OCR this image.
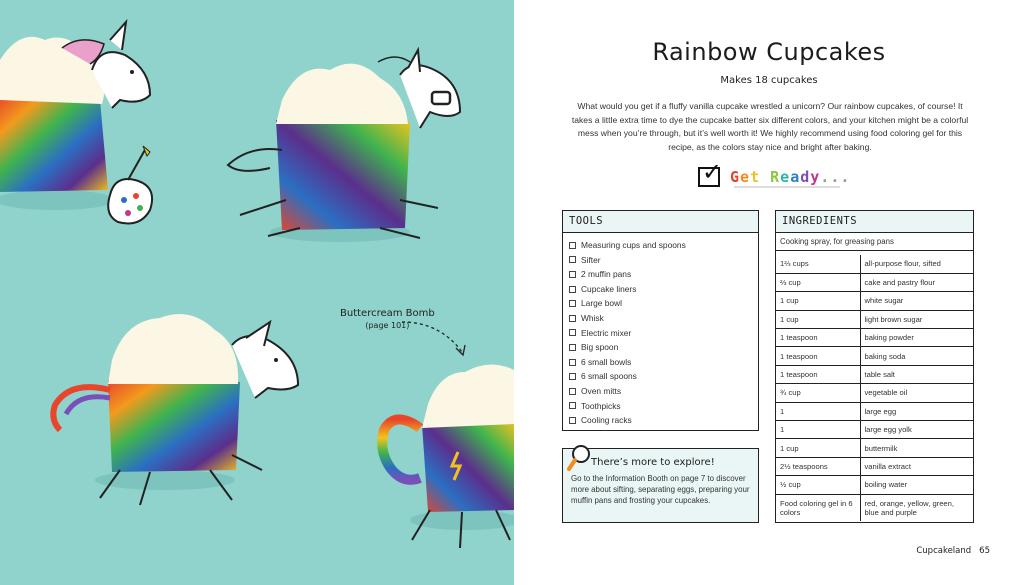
Buttercream Bomb
(page 101)
Rainbow Cupcakes
Makes 18 cupcakes
What would you get if a fluffy vanilla cupcake wrestled a unicorn? Our rainbow cupcakes, of course! It takes a little extra time to dye the cupcake batter six different colors, and your kitchen might be a colorful mess when you’re through, but it’s well worth it! We highly recommend using food coloring gel for this recipe, as the colors stay nice and bright after baking.
✓ Get Ready...
TOOLS
Measuring cups and spoons
Sifter
2 muffin pans
Cupcake liners
Large bowl
Whisk
Electric mixer
Big spoon
6 small bowls
6 small spoons
Oven mitts
Toothpicks
Cooling racks
There’s more to explore!
Go to the Information Booth on page 7 to discover more about sifting, separating eggs, preparing your muffin pans and frosting your cupcakes.
INGREDIENTS
Cooking spray, for greasing pans
1⅔ cups	all-purpose flour, sifted
⅔ cup	cake and pastry flour
1 cup	white sugar
1 cup	light brown sugar
1 teaspoon	baking powder
1 teaspoon	baking soda
1 teaspoon	table salt
¾ cup	vegetable oil
1	large egg
1	large egg yolk
1 cup	buttermilk
2½ teaspoons	vanilla extract
½ cup	boiling water
Food coloring gel in 6 colors	red, orange, yellow, green, blue and purple
Cupcakeland 65
